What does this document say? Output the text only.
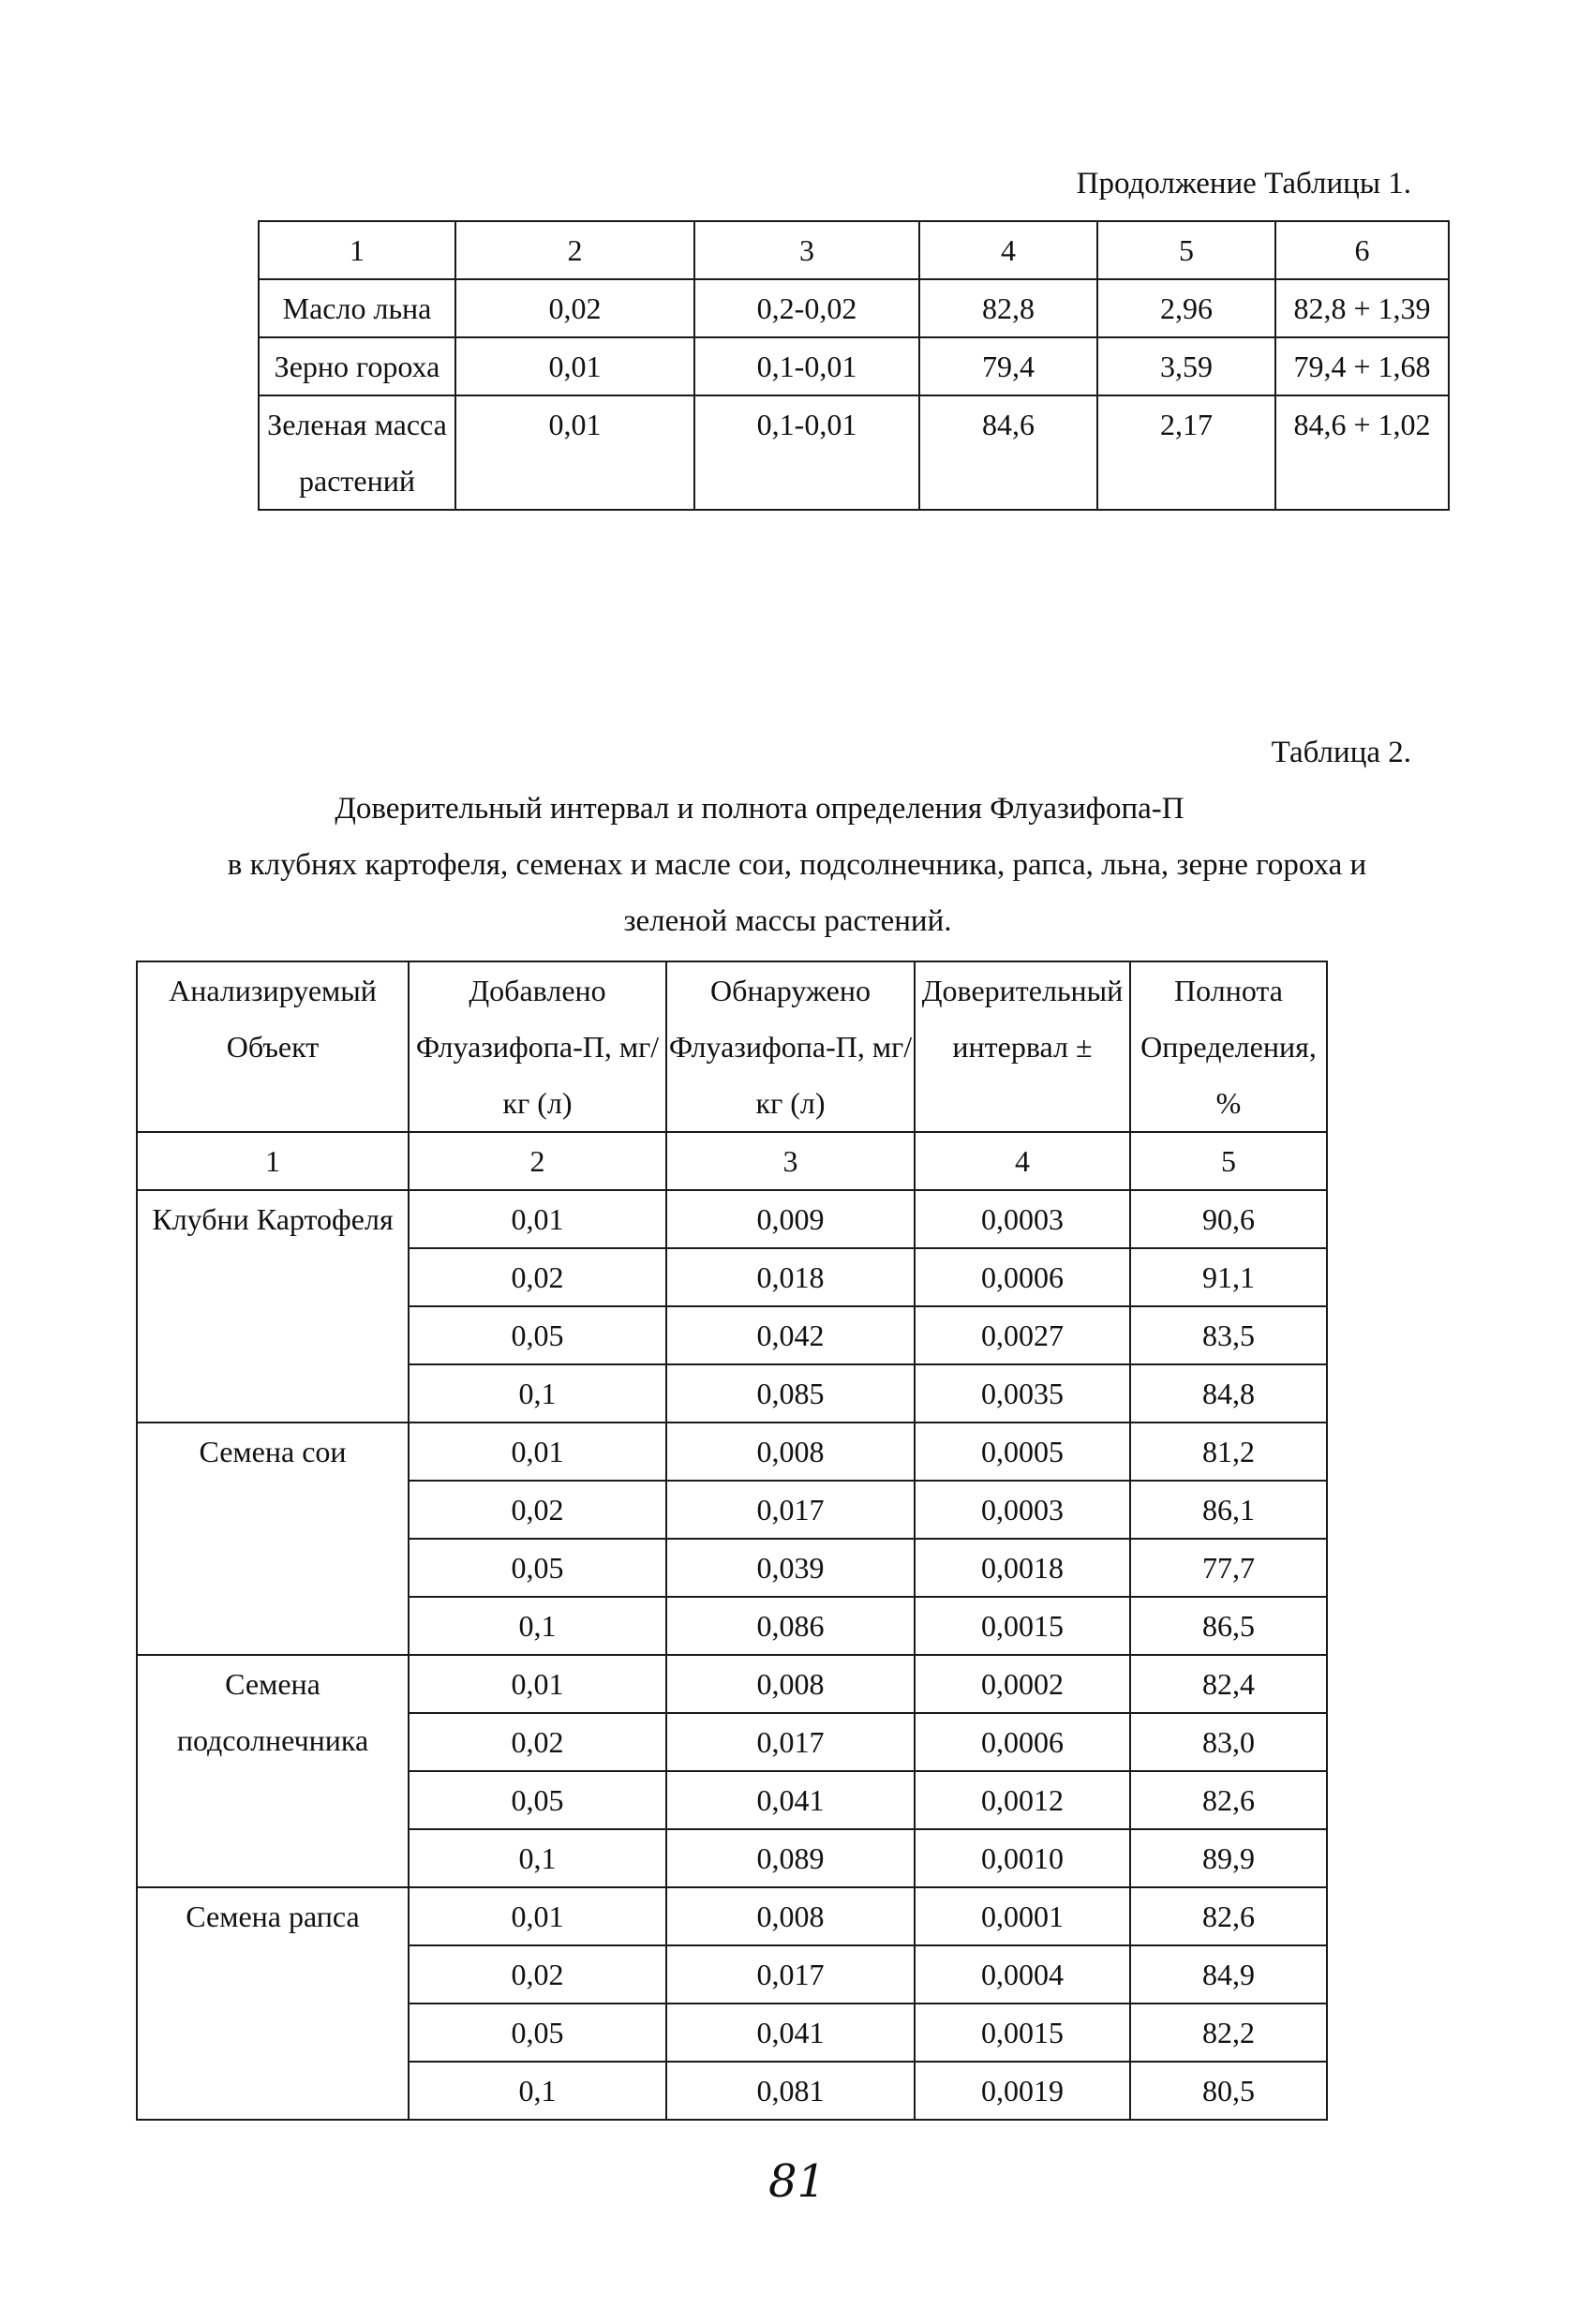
Продолжение Таблицы 1.
1	2	3	4	5	6
Масло льна	0,02	0,2-0,02	82,8	2,96	82,8 + 1,39
Зерно гороха	0,01	0,1-0,01	79,4	3,59	79,4 + 1,68
Зеленая масса растений	0,01	0,1-0,01	84,6	2,17	84,6 + 1,02
Таблица 2.
Доверительный интервал и полнота определения Флуазифопа-П
в клубнях картофеля, семенах и масле сои, подсолнечника, рапса, льна, зерне гороха и
зеленой массы растений.
Анализируемый Объект	Добавлено Флуазифопа-П, мг/кг (л)	Обнаружено Флуазифопа-П, мг/кг (л)	Доверительный интервал ±	Полнота Определения, %
1	2	3	4	5
Клубни Картофеля	0,01	0,009	0,0003	90,6
	0,02	0,018	0,0006	91,1
	0,05	0,042	0,0027	83,5
	0,1	0,085	0,0035	84,8
Семена сои	0,01	0,008	0,0005	81,2
	0,02	0,017	0,0003	86,1
	0,05	0,039	0,0018	77,7
	0,1	0,086	0,0015	86,5
Семена подсолнечника	0,01	0,008	0,0002	82,4
	0,02	0,017	0,0006	83,0
	0,05	0,041	0,0012	82,6
	0,1	0,089	0,0010	89,9
Семена рапса	0,01	0,008	0,0001	82,6
	0,02	0,017	0,0004	84,9
	0,05	0,041	0,0015	82,2
	0,1	0,081	0,0019	80,5
81
